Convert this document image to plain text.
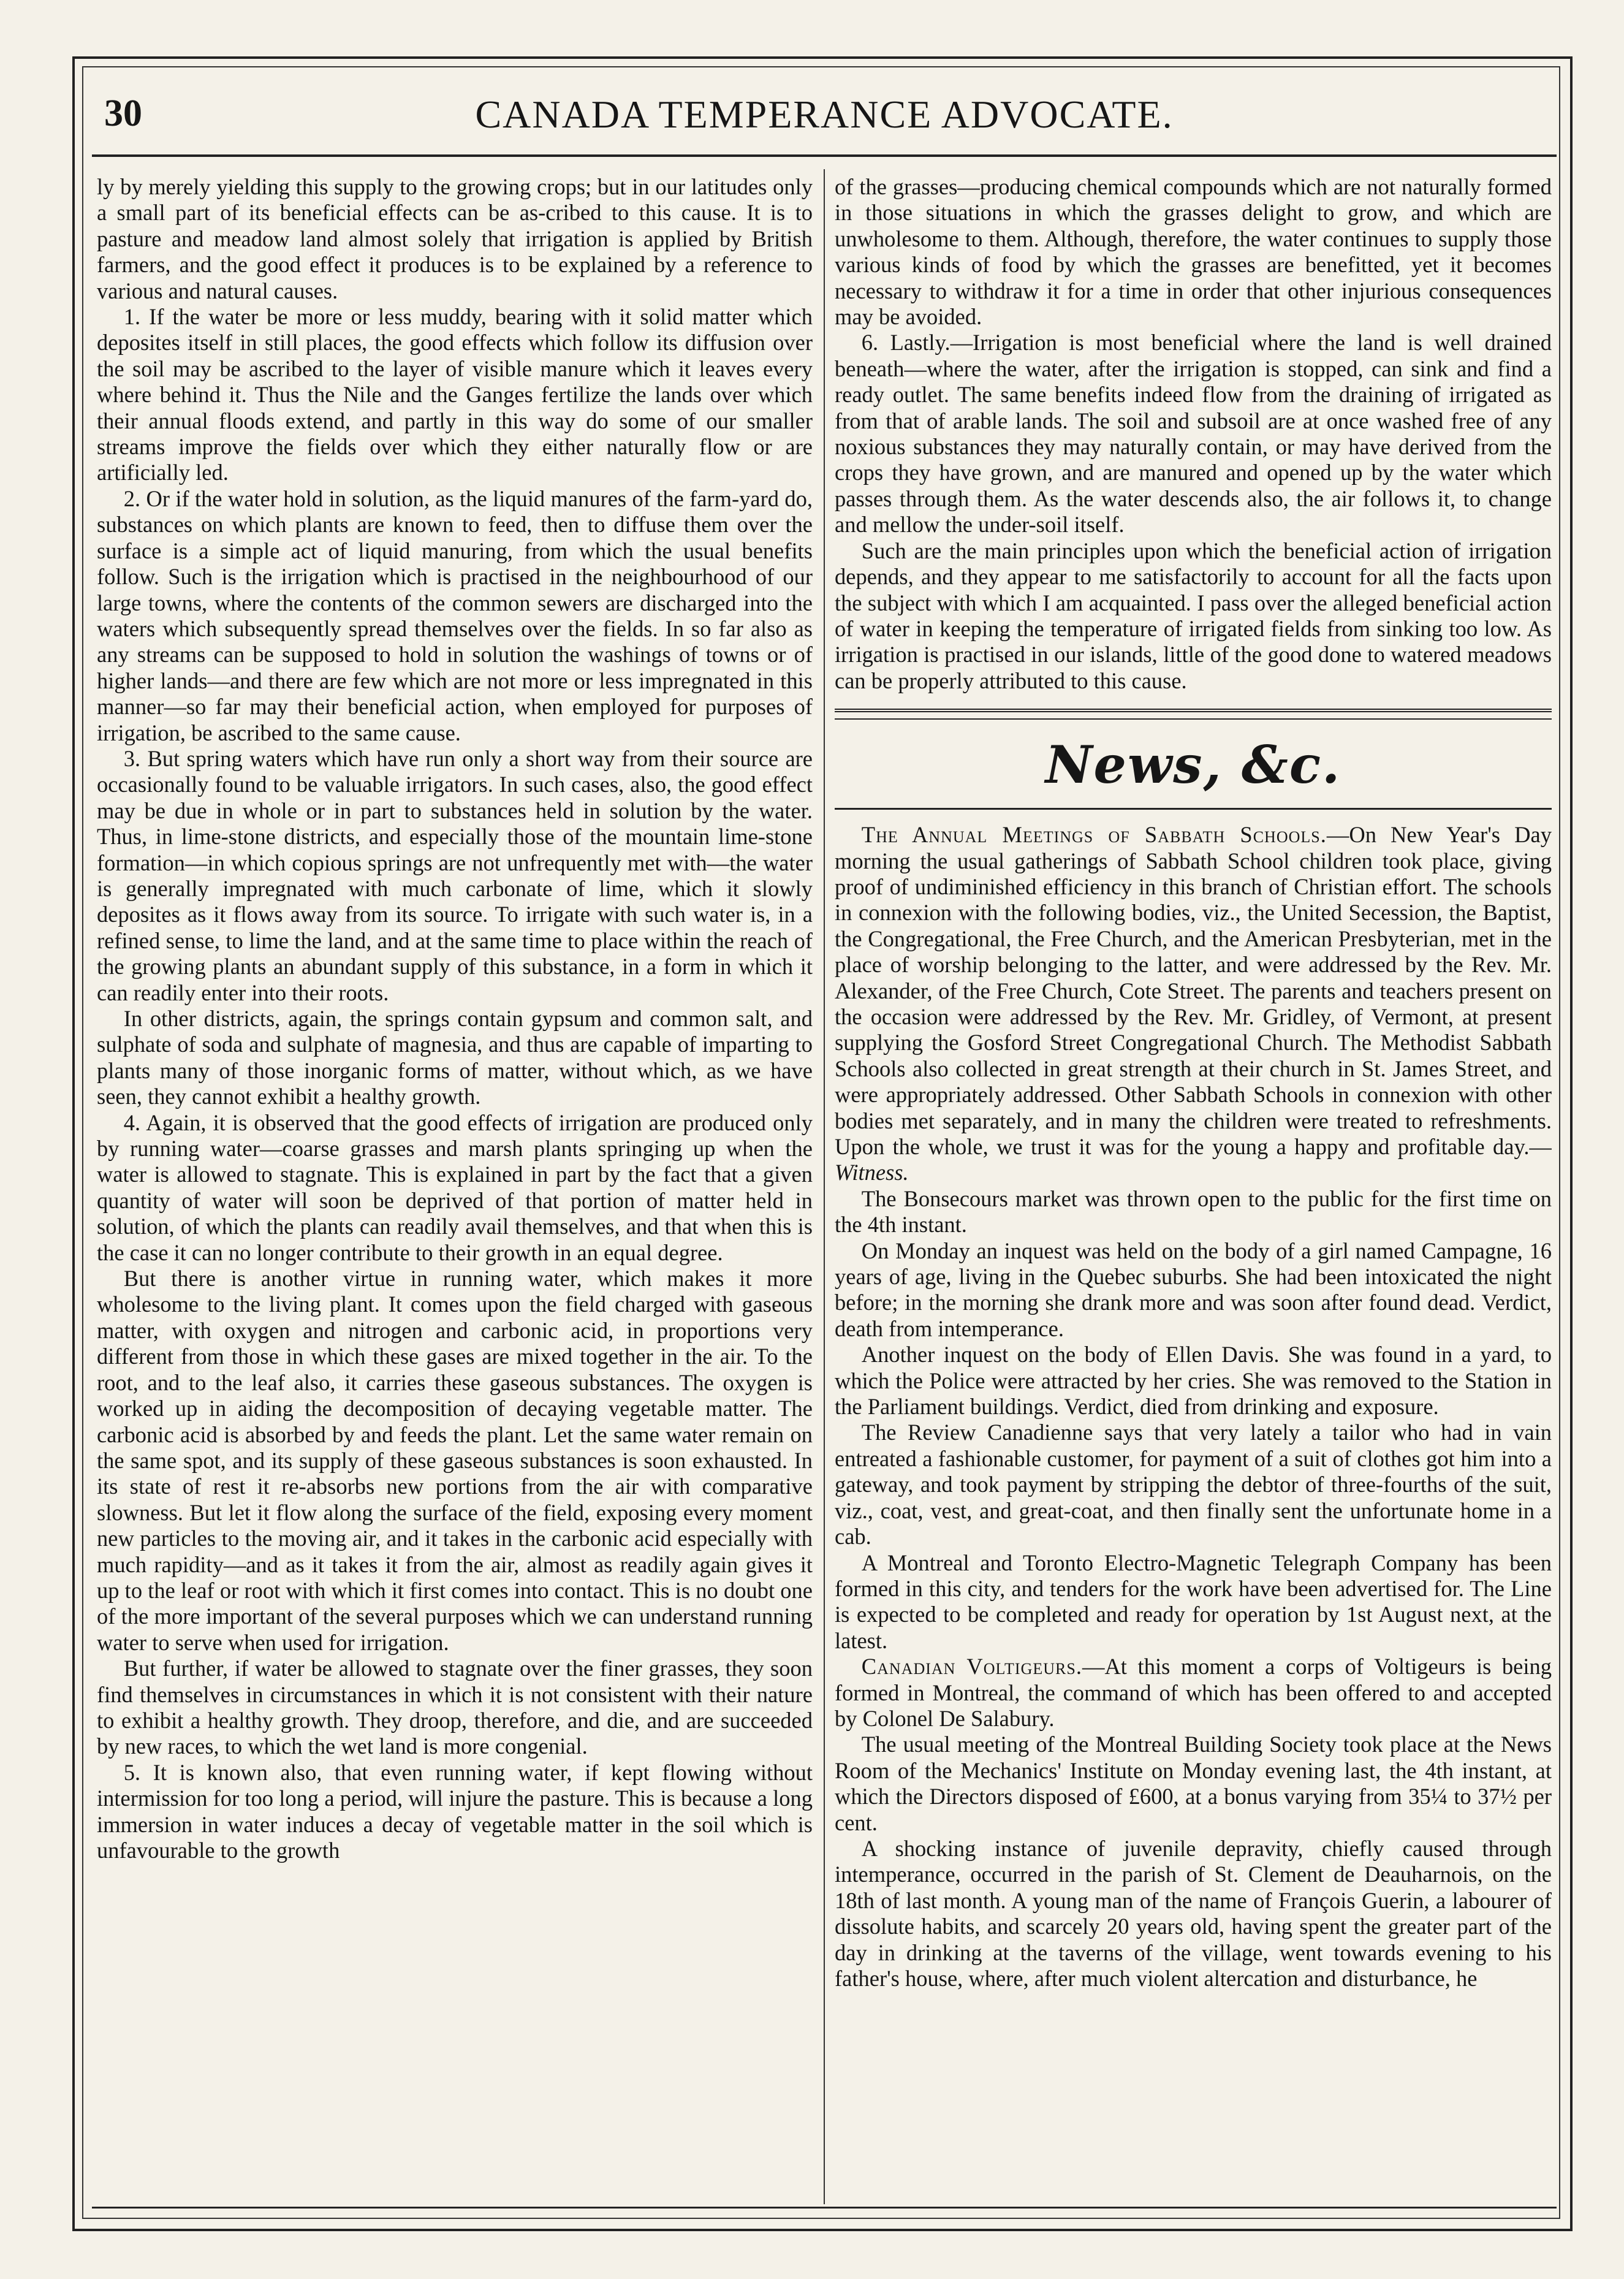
30	CANADA TEMPERANCE ADVOCATE.

ly by merely yielding this supply to the growing crops; but in our latitudes only a small part of its beneficial effects can be as-cribed to this cause. It is to pasture and meadow land almost solely that irrigation is applied by British farmers, and the good effect it produces is to be explained by a reference to various and natural causes.

1. If the water be more or less muddy, bearing with it solid matter which deposites itself in still places, the good effects which follow its diffusion over the soil may be ascribed to the layer of visible manure which it leaves every where behind it. Thus the Nile and the Ganges fertilize the lands over which their annual floods extend, and partly in this way do some of our smaller streams improve the fields over which they either naturally flow or are artificially led.

2. Or if the water hold in solution, as the liquid manures of the farm-yard do, substances on which plants are known to feed, then to diffuse them over the surface is a simple act of liquid manuring, from which the usual benefits follow. Such is the irrigation which is practised in the neighbourhood of our large towns, where the contents of the common sewers are discharged into the waters which subsequently spread themselves over the fields. In so far also as any streams can be supposed to hold in solution the washings of towns or of higher lands—and there are few which are not more or less impregnated in this manner—so far may their beneficial action, when employed for purposes of irrigation, be ascribed to the same cause.

3. But spring waters which have run only a short way from their source are occasionally found to be valuable irrigators. In such cases, also, the good effect may be due in whole or in part to substances held in solution by the water. Thus, in lime-stone districts, and especially those of the mountain lime-stone formation—in which copious springs are not unfrequently met with—the water is generally impregnated with much carbonate of lime, which it slowly deposites as it flows away from its source. To irrigate with such water is, in a refined sense, to lime the land, and at the same time to place within the reach of the growing plants an abundant supply of this substance, in a form in which it can readily enter into their roots.

In other districts, again, the springs contain gypsum and common salt, and sulphate of soda and sulphate of magnesia, and thus are capable of imparting to plants many of those inorganic forms of matter, without which, as we have seen, they cannot exhibit a healthy growth.

4. Again, it is observed that the good effects of irrigation are produced only by running water—coarse grasses and marsh plants springing up when the water is allowed to stagnate. This is explained in part by the fact that a given quantity of water will soon be deprived of that portion of matter held in solution, of which the plants can readily avail themselves, and that when this is the case it can no longer contribute to their growth in an equal degree.

But there is another virtue in running water, which makes it more wholesome to the living plant. It comes upon the field charged with gaseous matter, with oxygen and nitrogen and carbonic acid, in proportions very different from those in which these gases are mixed together in the air. To the root, and to the leaf also, it carries these gaseous substances. The oxygen is worked up in aiding the decomposition of decaying vegetable matter. The carbonic acid is absorbed by and feeds the plant. Let the same water remain on the same spot, and its supply of these gaseous substances is soon exhausted. In its state of rest it re-absorbs new portions from the air with comparative slowness. But let it flow along the surface of the field, exposing every moment new particles to the moving air, and it takes in the carbonic acid especially with much rapidity—and as it takes it from the air, almost as readily again gives it up to the leaf or root with which it first comes into contact. This is no doubt one of the more important of the several purposes which we can understand running water to serve when used for irrigation.

But further, if water be allowed to stagnate over the finer grasses, they soon find themselves in circumstances in which it is not consistent with their nature to exhibit a healthy growth. They droop, therefore, and die, and are succeeded by new races, to which the wet land is more congenial.

5. It is known also, that even running water, if kept flowing without intermission for too long a period, will injure the pasture. This is because a long immersion in water induces a decay of vegetable matter in the soil which is unfavourable to the growth

of the grasses—producing chemical compounds which are not naturally formed in those situations in which the grasses delight to grow, and which are unwholesome to them. Although, therefore, the water continues to supply those various kinds of food by which the grasses are benefitted, yet it becomes necessary to withdraw it for a time in order that other injurious consequences may be avoided.

6. Lastly.—Irrigation is most beneficial where the land is well drained beneath—where the water, after the irrigation is stopped, can sink and find a ready outlet. The same benefits indeed flow from the draining of irrigated as from that of arable lands. The soil and subsoil are at once washed free of any noxious substances they may naturally contain, or may have derived from the crops they have grown, and are manured and opened up by the water which passes through them. As the water descends also, the air follows it, to change and mellow the under-soil itself.

Such are the main principles upon which the beneficial action of irrigation depends, and they appear to me satisfactorily to account for all the facts upon the subject with which I am acquainted. I pass over the alleged beneficial action of water in keeping the temperature of irrigated fields from sinking too low. As irrigation is practised in our islands, little of the good done to watered meadows can be properly attributed to this cause.

News, &c.

The Annual Meetings of Sabbath Schools.—On New Year's Day morning the usual gatherings of Sabbath School children took place, giving proof of undiminished efficiency in this branch of Christian effort. The schools in connexion with the following bodies, viz., the United Secession, the Baptist, the Congregational, the Free Church, and the American Presbyterian, met in the place of worship belonging to the latter, and were addressed by the Rev. Mr. Alexander, of the Free Church, Cote Street. The parents and teachers present on the occasion were addressed by the Rev. Mr. Gridley, of Vermont, at present supplying the Gosford Street Congregational Church. The Methodist Sabbath Schools also collected in great strength at their church in St. James Street, and were appropriately addressed. Other Sabbath Schools in connexion with other bodies met separately, and in many the children were treated to refreshments. Upon the whole, we trust it was for the young a happy and profitable day.—Witness.

The Bonsecours market was thrown open to the public for the first time on the 4th instant.

On Monday an inquest was held on the body of a girl named Campagne, 16 years of age, living in the Quebec suburbs. She had been intoxicated the night before; in the morning she drank more and was soon after found dead. Verdict, death from intemperance.

Another inquest on the body of Ellen Davis. She was found in a yard, to which the Police were attracted by her cries. She was removed to the Station in the Parliament buildings. Verdict, died from drinking and exposure.

The Review Canadienne says that very lately a tailor who had in vain entreated a fashionable customer, for payment of a suit of clothes got him into a gateway, and took payment by stripping the debtor of three-fourths of the suit, viz., coat, vest, and great-coat, and then finally sent the unfortunate home in a cab.

A Montreal and Toronto Electro-Magnetic Telegraph Company has been formed in this city, and tenders for the work have been advertised for. The Line is expected to be completed and ready for operation by 1st August next, at the latest.

Canadian Voltigeurs.—At this moment a corps of Voltigeurs is being formed in Montreal, the command of which has been offered to and accepted by Colonel De Salabury.

The usual meeting of the Montreal Building Society took place at the News Room of the Mechanics' Institute on Monday evening last, the 4th instant, at which the Directors disposed of £600, at a bonus varying from 35¼ to 37½ per cent.

A shocking instance of juvenile depravity, chiefly caused through intemperance, occurred in the parish of St. Clement de Deauharnois, on the 18th of last month. A young man of the name of François Guerin, a labourer of dissolute habits, and scarcely 20 years old, having spent the greater part of the day in drinking at the taverns of the village, went towards evening to his father's house, where, after much violent altercation and disturbance, he
